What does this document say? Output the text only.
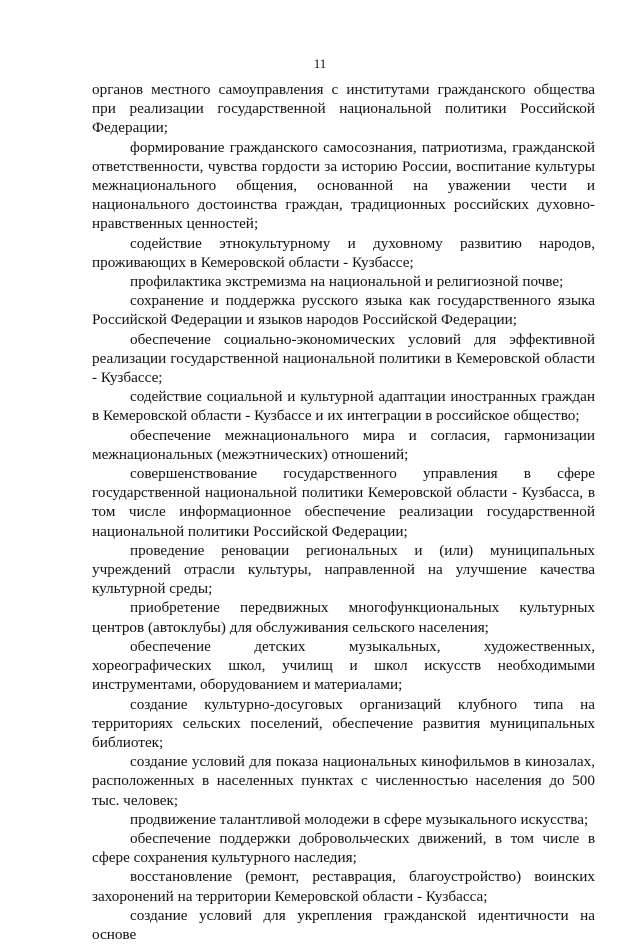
11

органов местного самоуправления с институтами гражданского общества при реализации государственной национальной политики Российской Федерации;

формирование гражданского самосознания, патриотизма, гражданской ответственности, чувства гордости за историю России, воспитание культуры межнационального общения, основанной на уважении чести и национального достоинства граждан, традиционных российских духовно-нравственных ценностей;

содействие этнокультурному и духовному развитию народов, проживающих в Кемеровской области - Кузбассе;

профилактика экстремизма на национальной и религиозной почве;

сохранение и поддержка русского языка как государственного языка Российской Федерации и языков народов Российской Федерации;

обеспечение социально-экономических условий для эффективной реализации государственной национальной политики в Кемеровской области - Кузбассе;

содействие социальной и культурной адаптации иностранных граждан в Кемеровской области - Кузбассе и их интеграции в российское общество;

обеспечение межнационального мира и согласия, гармонизации межнациональных (межэтнических) отношений;

совершенствование государственного управления в сфере государственной национальной политики Кемеровской области - Кузбасса, в том числе информационное обеспечение реализации государственной национальной политики Российской Федерации;

проведение реновации региональных и (или) муниципальных учреждений отрасли культуры, направленной на улучшение качества культурной среды;

приобретение передвижных многофункциональных культурных центров (автоклубы) для обслуживания сельского населения;

обеспечение детских музыкальных, художественных, хореографических школ, училищ и школ искусств необходимыми инструментами, оборудованием и материалами;

создание культурно-досуговых организаций клубного типа на территориях сельских поселений, обеспечение развития муниципальных библиотек;

создание условий для показа национальных кинофильмов в кинозалах, расположенных в населенных пунктах с численностью населения до 500 тыс. человек;

продвижение талантливой молодежи в сфере музыкального искусства;

обеспечение поддержки добровольческих движений, в том числе в сфере сохранения культурного наследия;

восстановление (ремонт, реставрация, благоустройство) воинских захоронений на территории Кемеровской области - Кузбасса;

создание условий для укрепления гражданской идентичности на основе
